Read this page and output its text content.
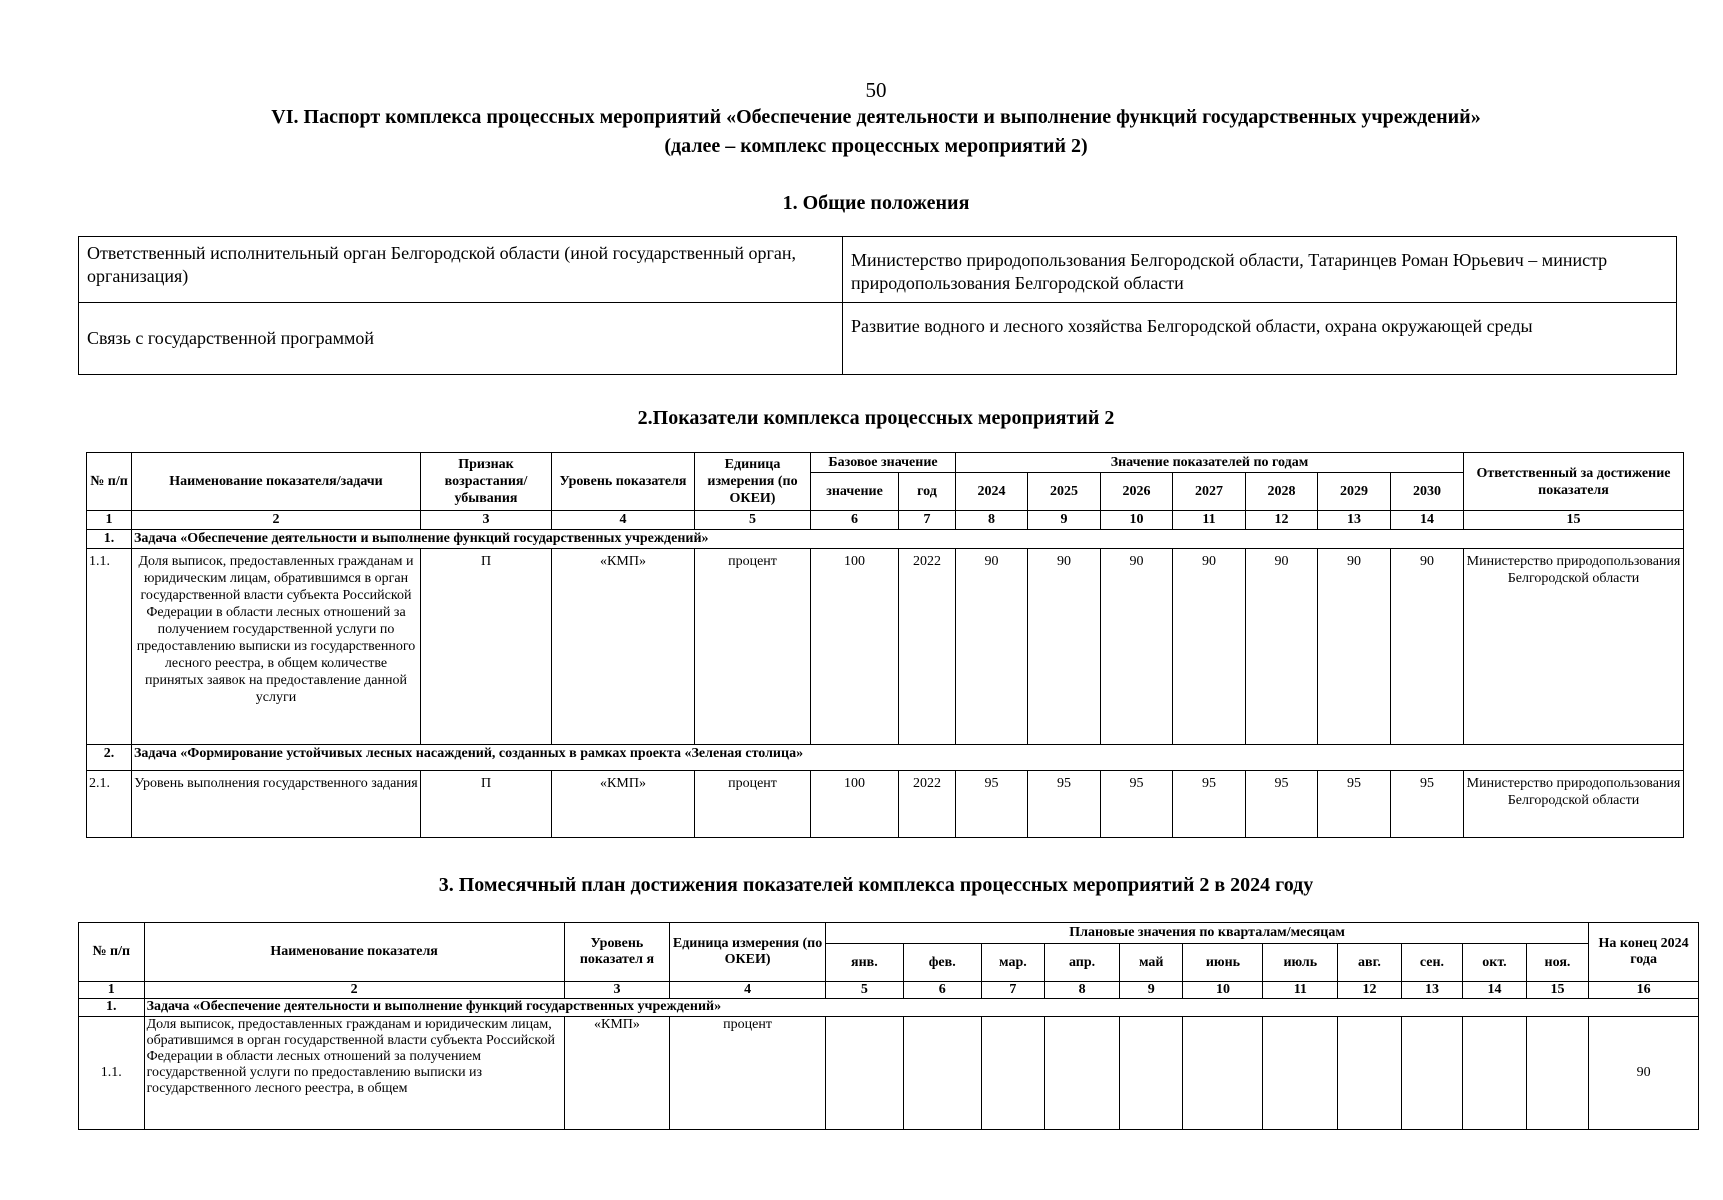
50
VI. Паспорт комплекса процессных мероприятий «Обеспечение деятельности и выполнение функций государственных учреждений»
(далее – комплекс процессных мероприятий 2)
1. Общие положения
Ответственный исполнительный орган Белгородской области (иной государственный орган, организация)	Министерство природопользования Белгородской области, Татаринцев Роман Юрьевич – министр природопользования Белгородской области
Связь с государственной программой	Развитие водного и лесного хозяйства Белгородской области, охрана окружающей среды
2.Показатели комплекса процессных мероприятий 2
№ п/п	Наименование показателя/задачи	Признак возрастания/ убывания	Уровень показателя	Единица измерения (по ОКЕИ)	Базовое значение		Значение показателей по годам							Ответственный за достижение показателя
					значение	год	2024	2025	2026	2027	2028	2029	2030	
1	2	3	4	5	6	7	8	9	10	11	12	13	14	15
1.	Задача «Обеспечение деятельности и выполнение функций государственных учреждений»													
1.1.	Доля выписок, предоставленных гражданам и юридическим лицам, обратившимся в орган государственной власти субъекта Российской Федерации в области лесных отношений за получением государственной услуги по предоставлению выписки из государственного лесного реестра, в общем количестве принятых заявок на предоставление данной услуги	П	«КМП»	процент	100	2022	90	90	90	90	90	90	90	Министерство природопользования Белгородской области
2.	Задача «Формирование устойчивых лесных насаждений, созданных в рамках проекта «Зеленая столица»													
2.1.	Уровень выполнения государственного задания	П	«КМП»	процент	100	2022	95	95	95	95	95	95	95	Министерство природопользования Белгородской области
3. Помесячный план достижения показателей комплекса процессных мероприятий 2 в 2024 году
№ п/п	Наименование показателя	Уровень показател я	Единица измерения (по ОКЕИ)	Плановые значения по кварталам/месяцам											На конец 2024 года
				янв.	фев.	мар.	апр.	май	июнь	июль	авг.	сен.	окт.	ноя.	
1	2	3	4	5	6	7	8	9	10	11	12	13	14	15	16
1.	Задача «Обеспечение деятельности и выполнение функций государственных учреждений»														
1.1.	Доля выписок, предоставленных гражданам и юридическим лицам, обратившимся в орган государственной власти субъекта Российской Федерации в области лесных отношений за получением государственной услуги по предоставлению выписки из государственного лесного реестра, в общем	«КМП»	процент												90
